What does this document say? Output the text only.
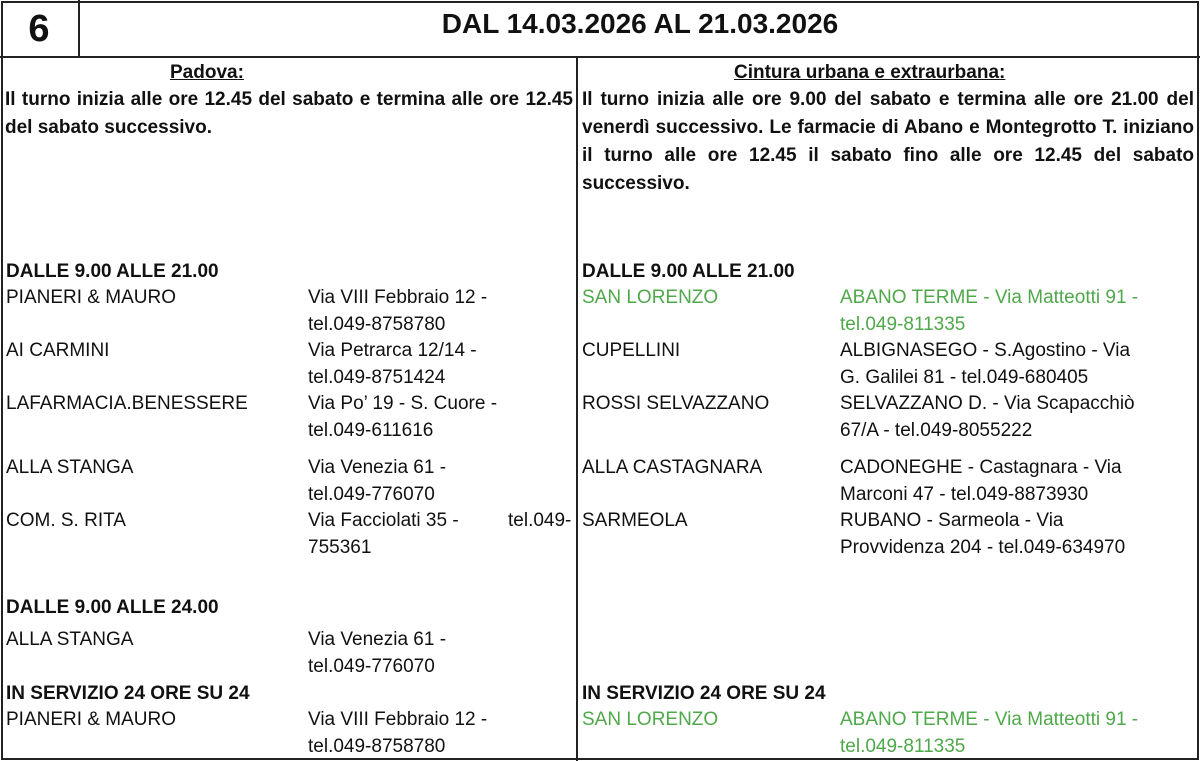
6	DAL 14.03.2026 AL 21.03.2026
Padova:
Il turno inizia alle ore 12.45 del sabato e termina alle ore 12.45 del sabato successivo.
Cintura urbana e extraurbana:
Il turno inizia alle ore 9.00 del sabato e termina alle ore 21.00 del venerdì successivo. Le farmacie di Abano e Montegrotto T. iniziano il turno alle ore 12.45 il sabato fino alle ore 12.45 del sabato successivo.
DALLE 9.00 ALLE 21.00
PIANERI & MAURO	Via VIII Febbraio 12 -
tel.049-8758780
AI CARMINI	Via Petrarca 12/14 -
tel.049-8751424
LAFARMACIA.BENESSERE	Via Po’ 19 - S. Cuore -
tel.049-611616
ALLA STANGA	Via Venezia 61 -
tel.049-776070
COM. S. RITA	Via Facciolati 35 -	tel.049-
755361
DALLE 9.00 ALLE 24.00
ALLA STANGA	Via Venezia 61 -
tel.049-776070
IN SERVIZIO 24 ORE SU 24
PIANERI & MAURO	Via VIII Febbraio 12 -
tel.049-8758780
DALLE 9.00 ALLE 21.00
SAN LORENZO	ABANO TERME - Via Matteotti 91 -
tel.049-811335
CUPELLINI	ALBIGNASEGO - S.Agostino - Via
G. Galilei 81 - tel.049-680405
ROSSI SELVAZZANO	SELVAZZANO D. - Via Scapacchiò
67/A - tel.049-8055222
ALLA CASTAGNARA	CADONEGHE - Castagnara - Via
Marconi 47 - tel.049-8873930
SARMEOLA	RUBANO - Sarmeola - Via
Provvidenza 204 - tel.049-634970
IN SERVIZIO 24 ORE SU 24
SAN LORENZO	ABANO TERME - Via Matteotti 91 -
tel.049-811335
